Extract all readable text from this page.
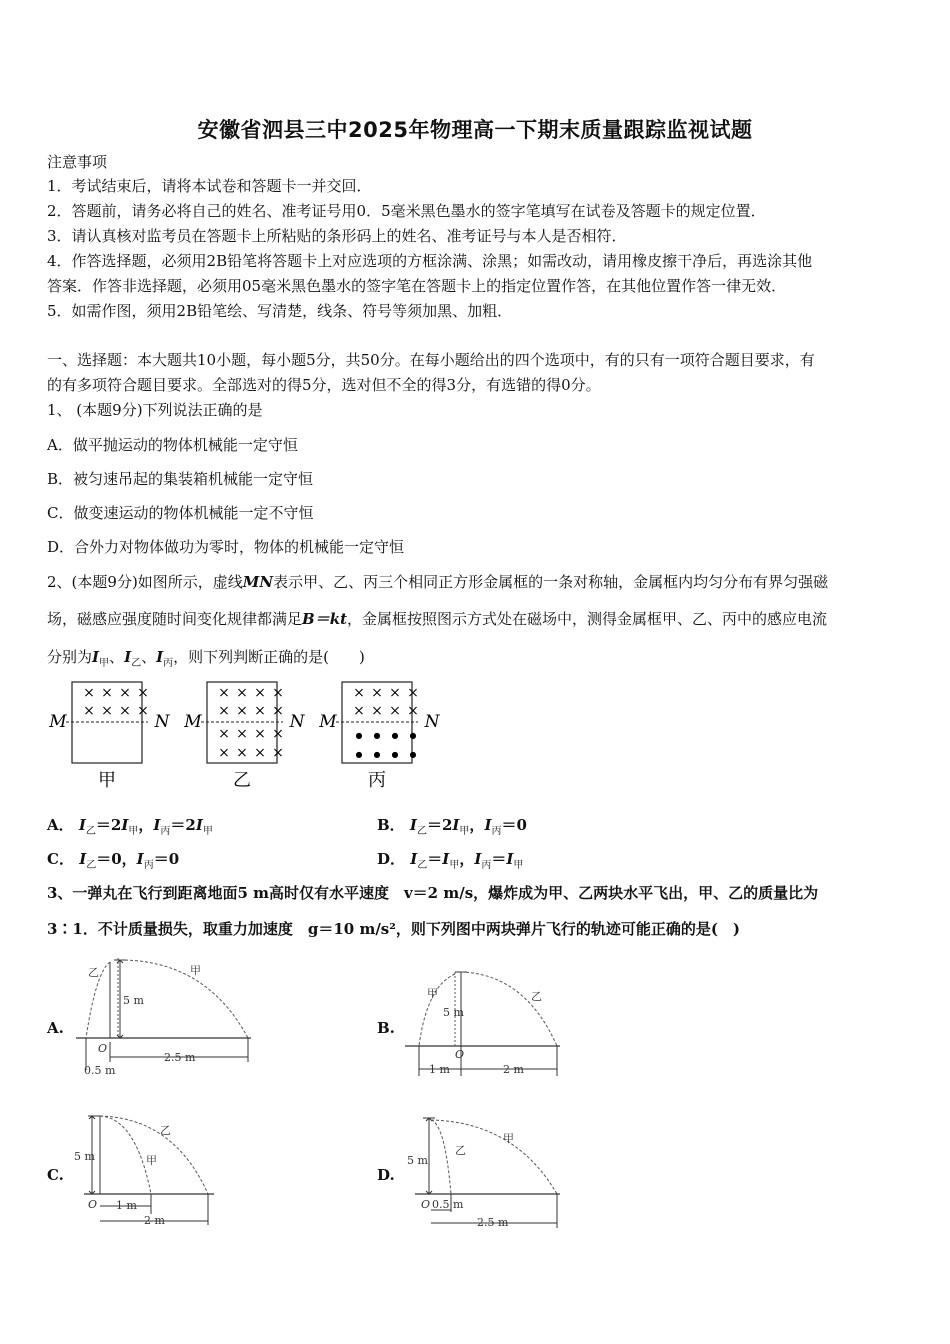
安徽省泗县三中2025年物理高一下期末质量跟踪监视试题
注意事项
1．考试结束后，请将本试卷和答题卡一并交回．
2．答题前，请务必将自己的姓名、准考证号用0．5毫米黑色墨水的签字笔填写在试卷及答题卡的规定位置．
3．请认真核对监考员在答题卡上所粘贴的条形码上的姓名、准考证号与本人是否相符．
4．作答选择题，必须用2B铅笔将答题卡上对应选项的方框涂满、涂黑；如需改动，请用橡皮擦干净后，再选涂其他
答案．作答非选择题，必须用05毫米黑色墨水的签字笔在答题卡上的指定位置作答，在其他位置作答一律无效．
5．如需作图，须用2B铅笔绘、写清楚，线条、符号等须加黑、加粗．
一、选择题：本大题共10小题，每小题5分，共50分。在每小题给出的四个选项中，有的只有一项符合题目要求，有
的有多项符合题目要求。全部选对的得5分，选对但不全的得3分，有选错的得0分。
1、 (本题9分)下列说法正确的是
A．做平抛运动的物体机械能一定守恒
B．被匀速吊起的集装箱机械能一定守恒
C．做变速运动的物体机械能一定不守恒
D．合外力对物体做功为零时，物体的机械能一定守恒
2、(本题9分)如图所示，虚线MN表示甲、乙、丙三个相同正方形金属框的一条对称轴，金属框内均匀分布有界匀强磁
场，磁感应强度随时间变化规律都满足B＝kt，金属框按照图示方式处在磁场中，测得金属框甲、乙、丙中的感应电流
分别为$I_甲$、$I_乙$、$I_丙$，则下列判断正确的是(　　)
M	N
甲
M	N
乙
M	N
丙
× × × ×
× × × ×
× × × ×
× × × ×
× × × ×
× × × ×
× × × ×
× × × ×
● ● ● ●
● ● ● ●
A． $I_乙=2I_甲$，$I_丙=2I_甲$	B． $I_乙=2I_甲$，$I_丙=0$
C． $I_乙=0$，$I_丙=0$	D． $I_乙=I_甲$，$I_丙=I_甲$
3、一弹丸在飞行到距离地面5 m高时仅有水平速度　v＝2 m/s，爆炸成为甲、乙两块水平飞出，甲、乙的质量比为
3∶1．不计质量损失，取重力加速度　g＝10 m/s²，则下列图中两块弹片飞行的轨迹可能正确的是(　)
A.	B.
C.	D.
乙	甲
5 m
O
0.5 m
2.5 m
甲	乙
5 m
O
1 m	2 m
乙
甲
5 m
O 1 m
2 m
乙
甲
5 m
O 0.5 m
2.5 m
